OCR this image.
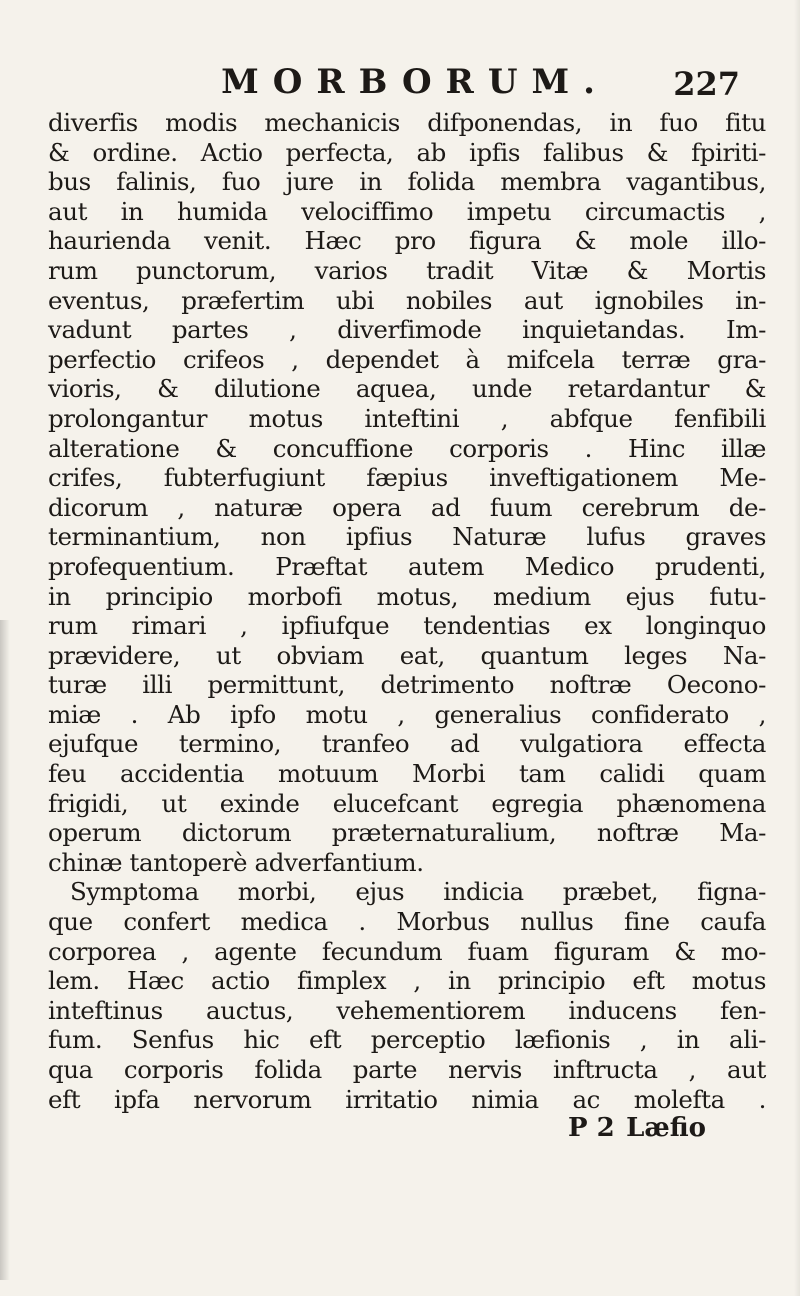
MORBORUM.	227
diverfis modis mechanicis difponendas, in fuo fitu
& ordine. Actio perfecta, ab ipfis falibus & fpiriti-
bus falinis, fuo jure in folida membra vagantibus,
aut in humida velociffimo impetu circumactis ,
haurienda venit. Hæc pro figura & mole illo-
rum punctorum, varios tradit Vitæ & Mortis
eventus, præfertim ubi nobiles aut ignobiles in-
vadunt partes , diverfimode inquietandas. Im-
perfectio crifeos , dependet à mifcela terræ gra-
vioris, & dilutione aquea, unde retardantur &
prolongantur motus inteftini , abfque fenfibili
alteratione & concuffione corporis . Hinc illæ
crifes, fubterfugiunt fæpius inveftigationem Me-
dicorum , naturæ opera ad fuum cerebrum de-
terminantium, non ipfius Naturæ lufus graves
profequentium. Præftat autem Medico prudenti,
in principio morbofi motus, medium ejus futu-
rum rimari , ipfiufque tendentias ex longinquo
prævidere, ut obviam eat, quantum leges Na-
turæ illi permittunt, detrimento noftræ Oecono-
miæ . Ab ipfo motu , generalius confiderato ,
ejufque termino, tranfeo ad vulgatiora effecta
feu accidentia motuum Morbi tam calidi quam
frigidi, ut exinde elucefcant egregia phænomena
operum dictorum præternaturalium, noftræ Ma-
chinæ tantoperè adverfantium.
Symptoma morbi, ejus indicia præbet, figna-
que confert medica . Morbus nullus fine caufa
corporea , agente fecundum fuam figuram & mo-
lem. Hæc actio fimplex , in principio eft motus
inteftinus auctus, vehementiorem inducens fen-
fum. Senfus hic eft perceptio læfionis , in ali-
qua corporis folida parte nervis inftructa , aut
eft ipfa nervorum irritatio nimia ac molefta .
P 2 Læfio
